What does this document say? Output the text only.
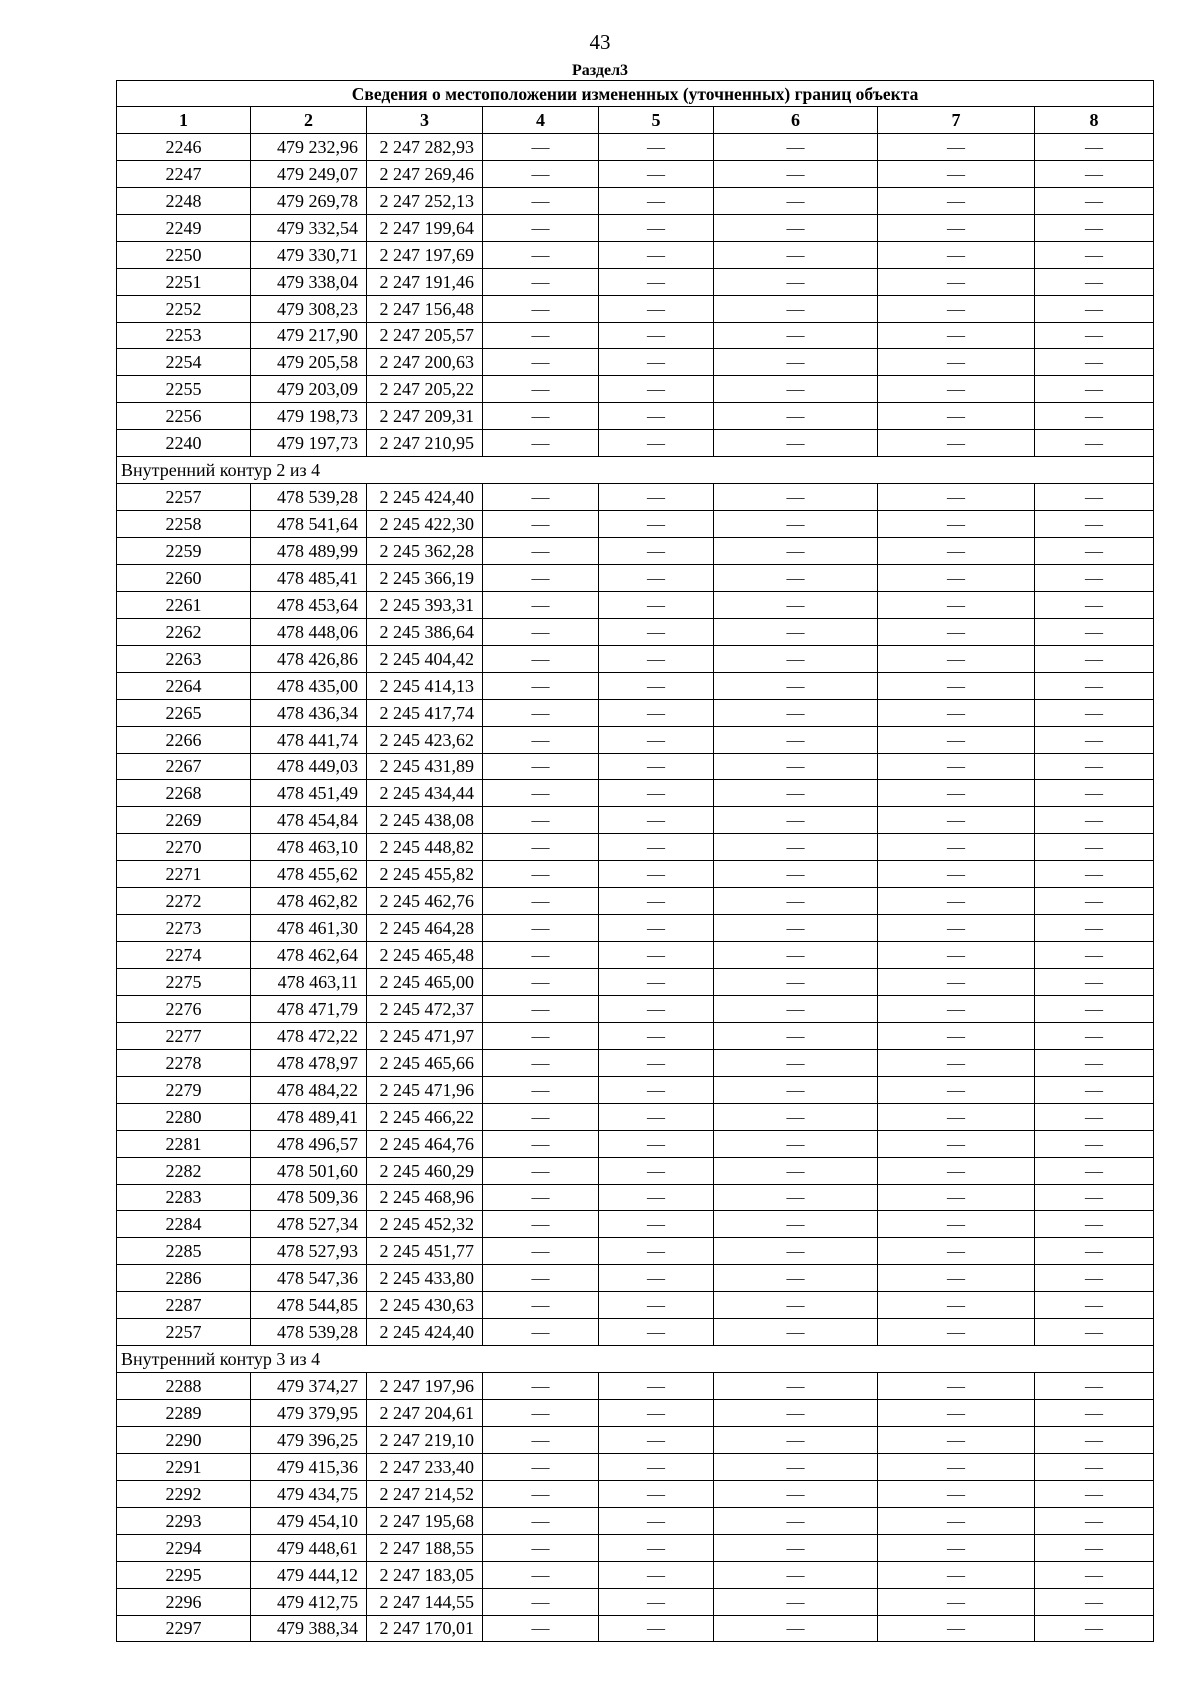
43
Раздел3
Сведения о местоположении измененных (уточненных) границ объекта							
1	2	3	4	5	6	7	8
2246	479 232,96	2 247 282,93	—	—	—	—	—
2247	479 249,07	2 247 269,46	—	—	—	—	—
2248	479 269,78	2 247 252,13	—	—	—	—	—
2249	479 332,54	2 247 199,64	—	—	—	—	—
2250	479 330,71	2 247 197,69	—	—	—	—	—
2251	479 338,04	2 247 191,46	—	—	—	—	—
2252	479 308,23	2 247 156,48	—	—	—	—	—
2253	479 217,90	2 247 205,57	—	—	—	—	—
2254	479 205,58	2 247 200,63	—	—	—	—	—
2255	479 203,09	2 247 205,22	—	—	—	—	—
2256	479 198,73	2 247 209,31	—	—	—	—	—
2240	479 197,73	2 247 210,95	—	—	—	—	—
Внутренний контур 2 из 4							
2257	478 539,28	2 245 424,40	—	—	—	—	—
2258	478 541,64	2 245 422,30	—	—	—	—	—
2259	478 489,99	2 245 362,28	—	—	—	—	—
2260	478 485,41	2 245 366,19	—	—	—	—	—
2261	478 453,64	2 245 393,31	—	—	—	—	—
2262	478 448,06	2 245 386,64	—	—	—	—	—
2263	478 426,86	2 245 404,42	—	—	—	—	—
2264	478 435,00	2 245 414,13	—	—	—	—	—
2265	478 436,34	2 245 417,74	—	—	—	—	—
2266	478 441,74	2 245 423,62	—	—	—	—	—
2267	478 449,03	2 245 431,89	—	—	—	—	—
2268	478 451,49	2 245 434,44	—	—	—	—	—
2269	478 454,84	2 245 438,08	—	—	—	—	—
2270	478 463,10	2 245 448,82	—	—	—	—	—
2271	478 455,62	2 245 455,82	—	—	—	—	—
2272	478 462,82	2 245 462,76	—	—	—	—	—
2273	478 461,30	2 245 464,28	—	—	—	—	—
2274	478 462,64	2 245 465,48	—	—	—	—	—
2275	478 463,11	2 245 465,00	—	—	—	—	—
2276	478 471,79	2 245 472,37	—	—	—	—	—
2277	478 472,22	2 245 471,97	—	—	—	—	—
2278	478 478,97	2 245 465,66	—	—	—	—	—
2279	478 484,22	2 245 471,96	—	—	—	—	—
2280	478 489,41	2 245 466,22	—	—	—	—	—
2281	478 496,57	2 245 464,76	—	—	—	—	—
2282	478 501,60	2 245 460,29	—	—	—	—	—
2283	478 509,36	2 245 468,96	—	—	—	—	—
2284	478 527,34	2 245 452,32	—	—	—	—	—
2285	478 527,93	2 245 451,77	—	—	—	—	—
2286	478 547,36	2 245 433,80	—	—	—	—	—
2287	478 544,85	2 245 430,63	—	—	—	—	—
2257	478 539,28	2 245 424,40	—	—	—	—	—
Внутренний контур 3 из 4							
2288	479 374,27	2 247 197,96	—	—	—	—	—
2289	479 379,95	2 247 204,61	—	—	—	—	—
2290	479 396,25	2 247 219,10	—	—	—	—	—
2291	479 415,36	2 247 233,40	—	—	—	—	—
2292	479 434,75	2 247 214,52	—	—	—	—	—
2293	479 454,10	2 247 195,68	—	—	—	—	—
2294	479 448,61	2 247 188,55	—	—	—	—	—
2295	479 444,12	2 247 183,05	—	—	—	—	—
2296	479 412,75	2 247 144,55	—	—	—	—	—
2297	479 388,34	2 247 170,01	—	—	—	—	—
